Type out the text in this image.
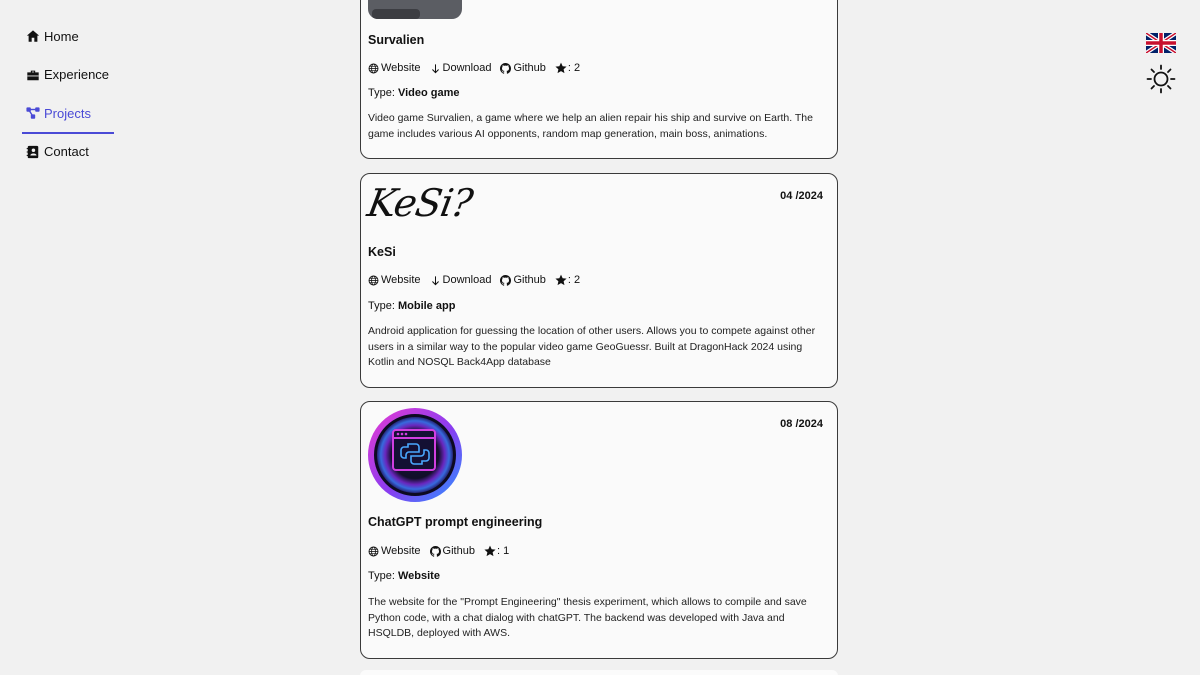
Home
Experience
Projects
Contact
Survalien
Website Download Github : 2
Type: Video game
Video game Survalien, a game where we help an alien repair his ship and survive on Earth. The game includes various AI opponents, random map generation, main boss, animations.
KeSi?	04 /2024
KeSi
Website Download Github : 2
Type: Mobile app
Android application for guessing the location of other users. Allows you to compete against other users in a similar way to the popular video game GeoGuessr. Built at DragonHack 2024 using Kotlin and NOSQL Back4App database
08 /2024
ChatGPT prompt engineering
Website Github : 1
Type: Website
The website for the "Prompt Engineering" thesis experiment, which allows to compile and save Python code, with a chat dialog with chatGPT. The backend was developed with Java and HSQLDB, deployed with AWS.
